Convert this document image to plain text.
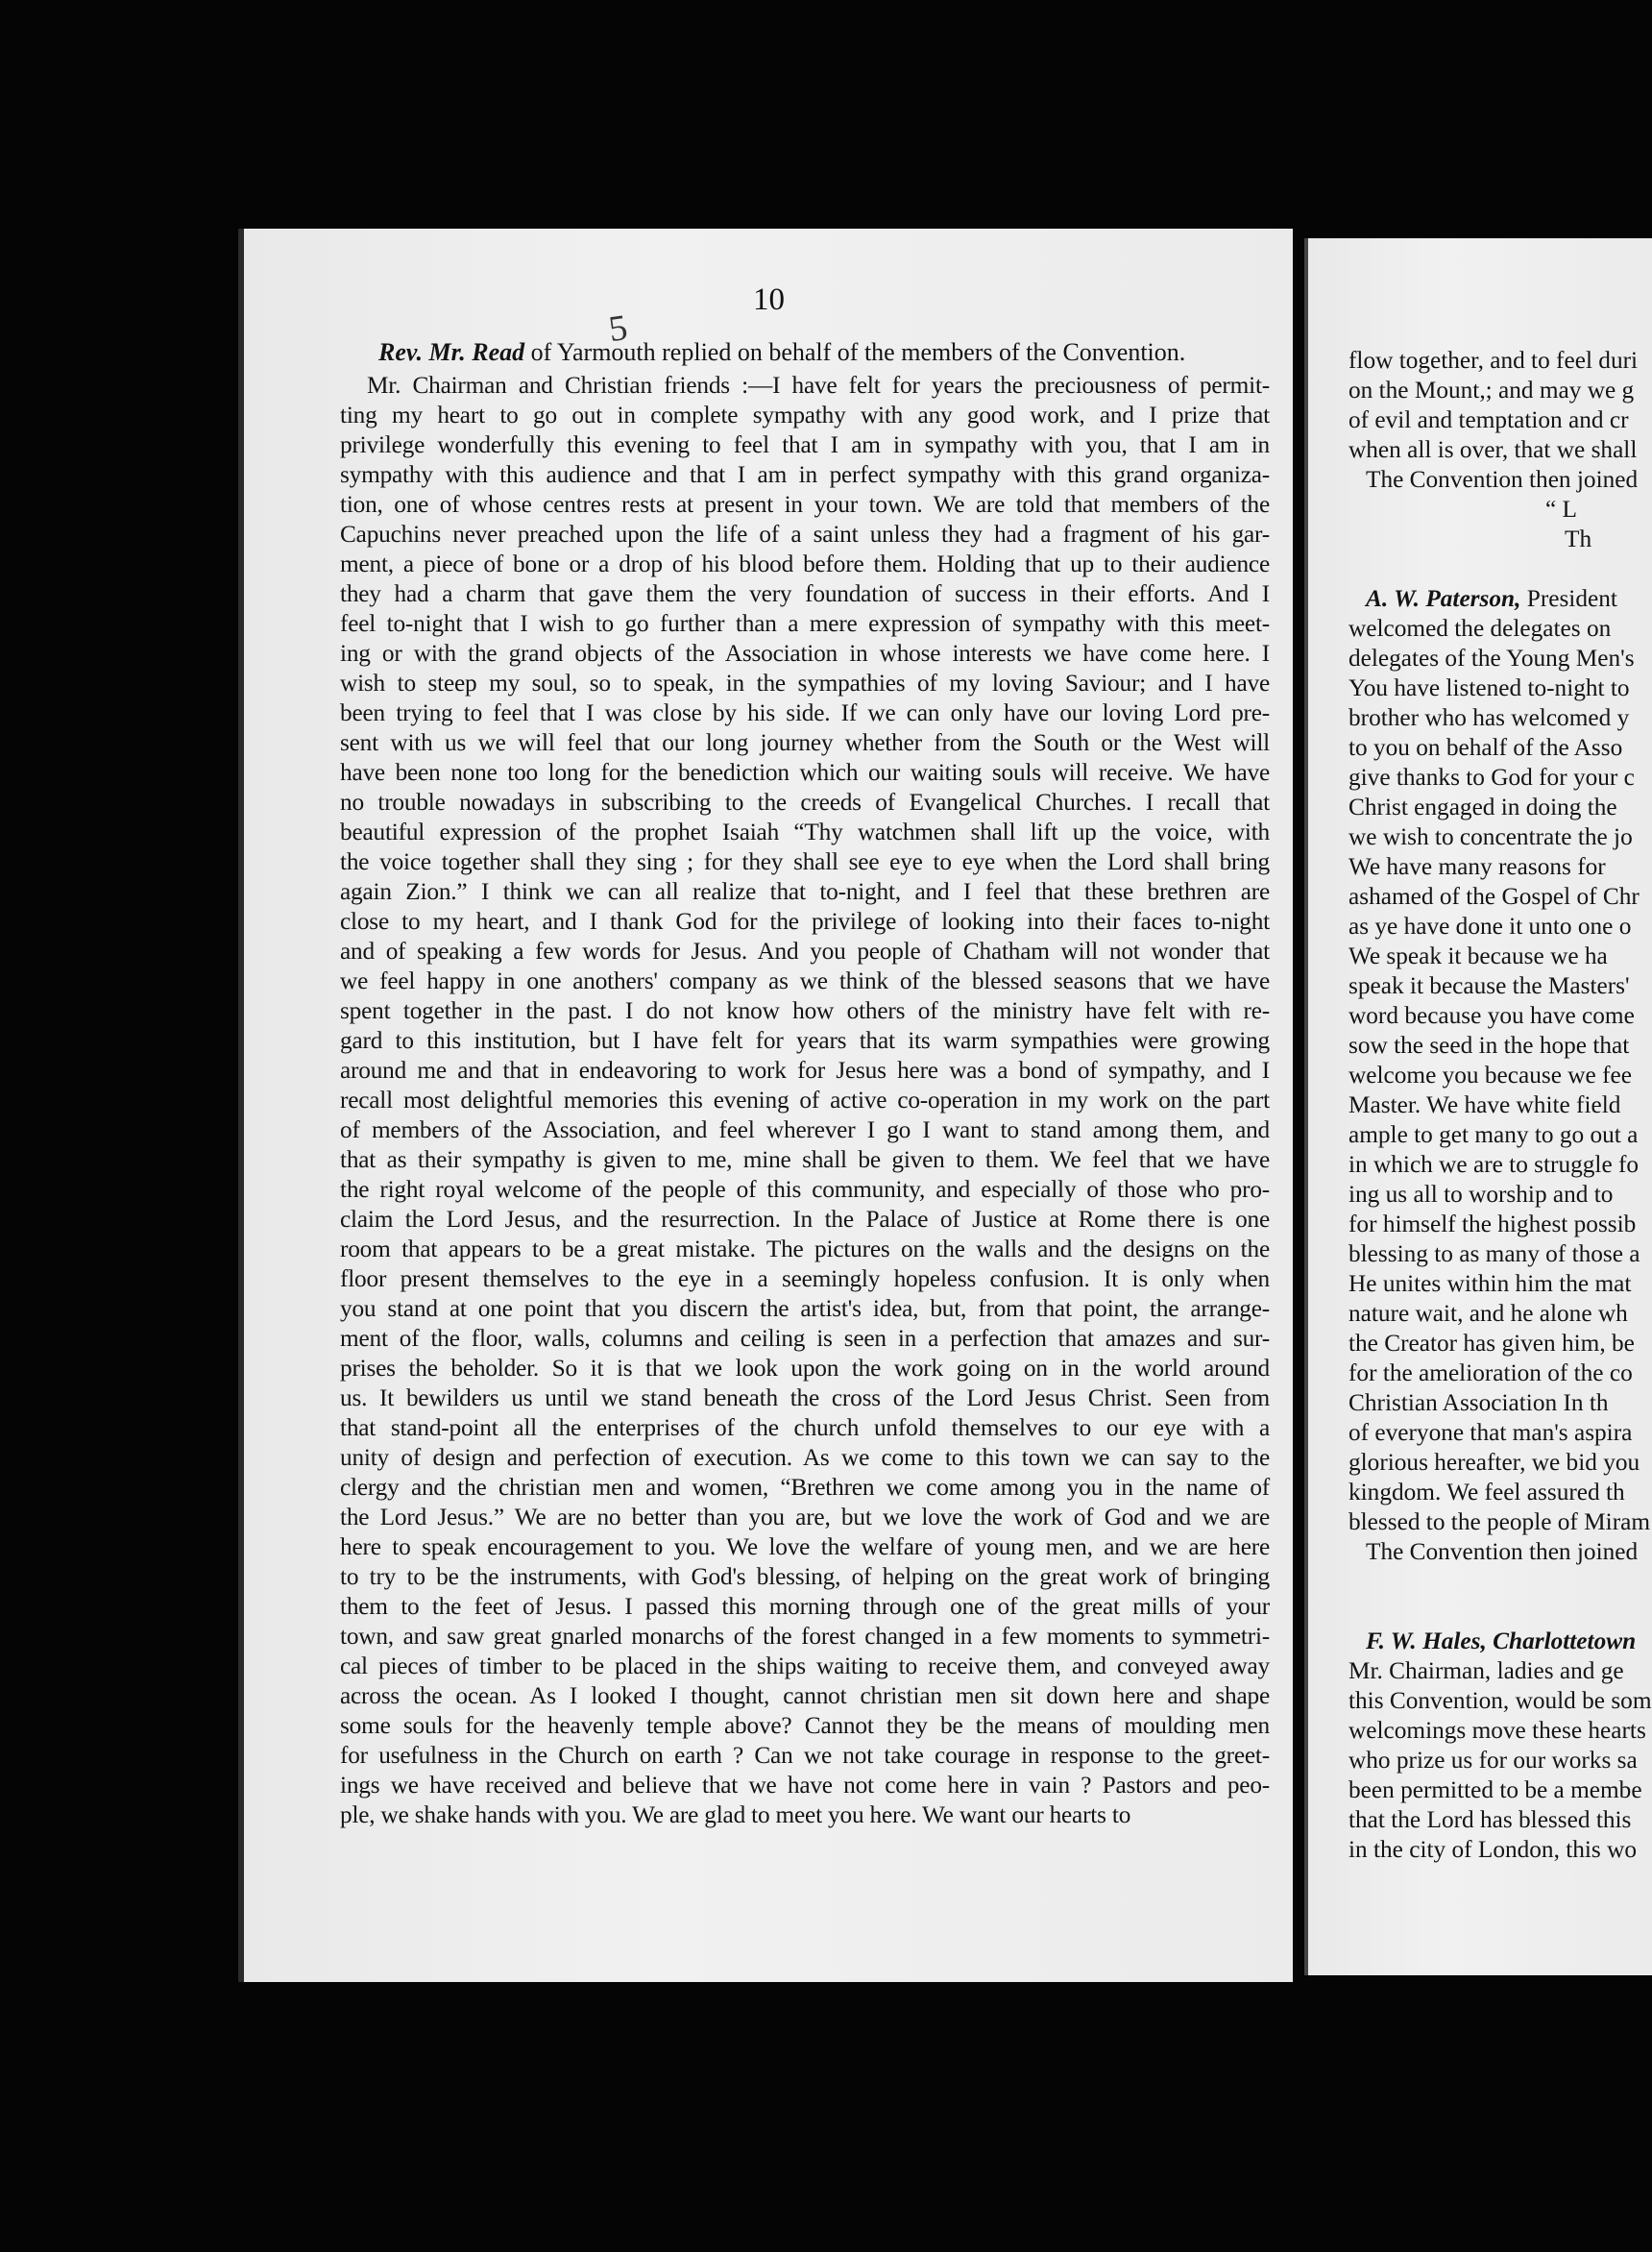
5
10
Rev. Mr. Read of Yarmouth replied on behalf of the members of the Convention.
Mr. Chairman and Christian friends :—I have felt for years the preciousness of permit-
ting my heart to go out in complete sympathy with any good work, and I prize that
privilege wonderfully this evening to feel that I am in sympathy with you, that I am in
sympathy with this audience and that I am in perfect sympathy with this grand organiza-
tion, one of whose centres rests at present in your town. We are told that members of the
Capuchins never preached upon the life of a saint unless they had a fragment of his gar-
ment, a piece of bone or a drop of his blood before them. Holding that up to their audience
they had a charm that gave them the very foundation of success in their efforts. And I
feel to-night that I wish to go further than a mere expression of sympathy with this meet-
ing or with the grand objects of the Association in whose interests we have come here. I
wish to steep my soul, so to speak, in the sympathies of my loving Saviour; and I have
been trying to feel that I was close by his side. If we can only have our loving Lord pre-
sent with us we will feel that our long journey whether from the South or the West will
have been none too long for the benediction which our waiting souls will receive. We have
no trouble nowadays in subscribing to the creeds of Evangelical Churches. I recall that
beautiful expression of the prophet Isaiah “Thy watchmen shall lift up the voice, with
the voice together shall they sing ; for they shall see eye to eye when the Lord shall bring
again Zion.” I think we can all realize that to-night, and I feel that these brethren are
close to my heart, and I thank God for the privilege of looking into their faces to-night
and of speaking a few words for Jesus. And you people of Chatham will not wonder that
we feel happy in one anothers' company as we think of the blessed seasons that we have
spent together in the past. I do not know how others of the ministry have felt with re-
gard to this institution, but I have felt for years that its warm sympathies were growing
around me and that in endeavoring to work for Jesus here was a bond of sympathy, and I
recall most delightful memories this evening of active co-operation in my work on the part
of members of the Association, and feel wherever I go I want to stand among them, and
that as their sympathy is given to me, mine shall be given to them. We feel that we have
the right royal welcome of the people of this community, and especially of those who pro-
claim the Lord Jesus, and the resurrection. In the Palace of Justice at Rome there is one
room that appears to be a great mistake. The pictures on the walls and the designs on the
floor present themselves to the eye in a seemingly hopeless confusion. It is only when
you stand at one point that you discern the artist's idea, but, from that point, the arrange-
ment of the floor, walls, columns and ceiling is seen in a perfection that amazes and sur-
prises the beholder. So it is that we look upon the work going on in the world around
us. It bewilders us until we stand beneath the cross of the Lord Jesus Christ. Seen from
that stand-point all the enterprises of the church unfold themselves to our eye with a
unity of design and perfection of execution. As we come to this town we can say to the
clergy and the christian men and women, “Brethren we come among you in the name of
the Lord Jesus.” We are no better than you are, but we love the work of God and we are
here to speak encouragement to you. We love the welfare of young men, and we are here
to try to be the instruments, with God's blessing, of helping on the great work of bringing
them to the feet of Jesus. I passed this morning through one of the great mills of your
town, and saw great gnarled monarchs of the forest changed in a few moments to symmetri-
cal pieces of timber to be placed in the ships waiting to receive them, and conveyed away
across the ocean. As I looked I thought, cannot christian men sit down here and shape
some souls for the heavenly temple above? Cannot they be the means of moulding men
for usefulness in the Church on earth ? Can we not take courage in response to the greet-
ings we have received and believe that we have not come here in vain ? Pastors and peo-
ple, we shake hands with you. We are glad to meet you here. We want our hearts to
flow together, and to feel duri
on the Mount,; and may we g
of evil and temptation and cr
when all is over, that we shall
The Convention then joined
“ L
Th
A. W. Paterson, President
welcomed the delegates on
delegates of the Young Men's
You have listened to-night to
brother who has welcomed y
to you on behalf of the Asso
give thanks to God for your c
Christ engaged in doing the
we wish to concentrate the jo
We have many reasons for
ashamed of the Gospel of Chr
as ye have done it unto one o
We speak it because we ha
speak it because the Masters'
word because you have come
sow the seed in the hope that
welcome you because we fee
Master. We have white field
ample to get many to go out a
in which we are to struggle fo
ing us all to worship and to
for himself the highest possib
blessing to as many of those a
He unites within him the mat
nature wait, and he alone wh
the Creator has given him, be
for the amelioration of the co
Christian Association In th
of everyone that man's aspira
glorious hereafter, we bid you
kingdom. We feel assured th
blessed to the people of Miram
The Convention then joined
F. W. Hales, Charlottetown
Mr. Chairman, ladies and ge
this Convention, would be som
welcomings move these hearts
who prize us for our works sa
been permitted to be a membe
that the Lord has blessed this
in the city of London, this wo
